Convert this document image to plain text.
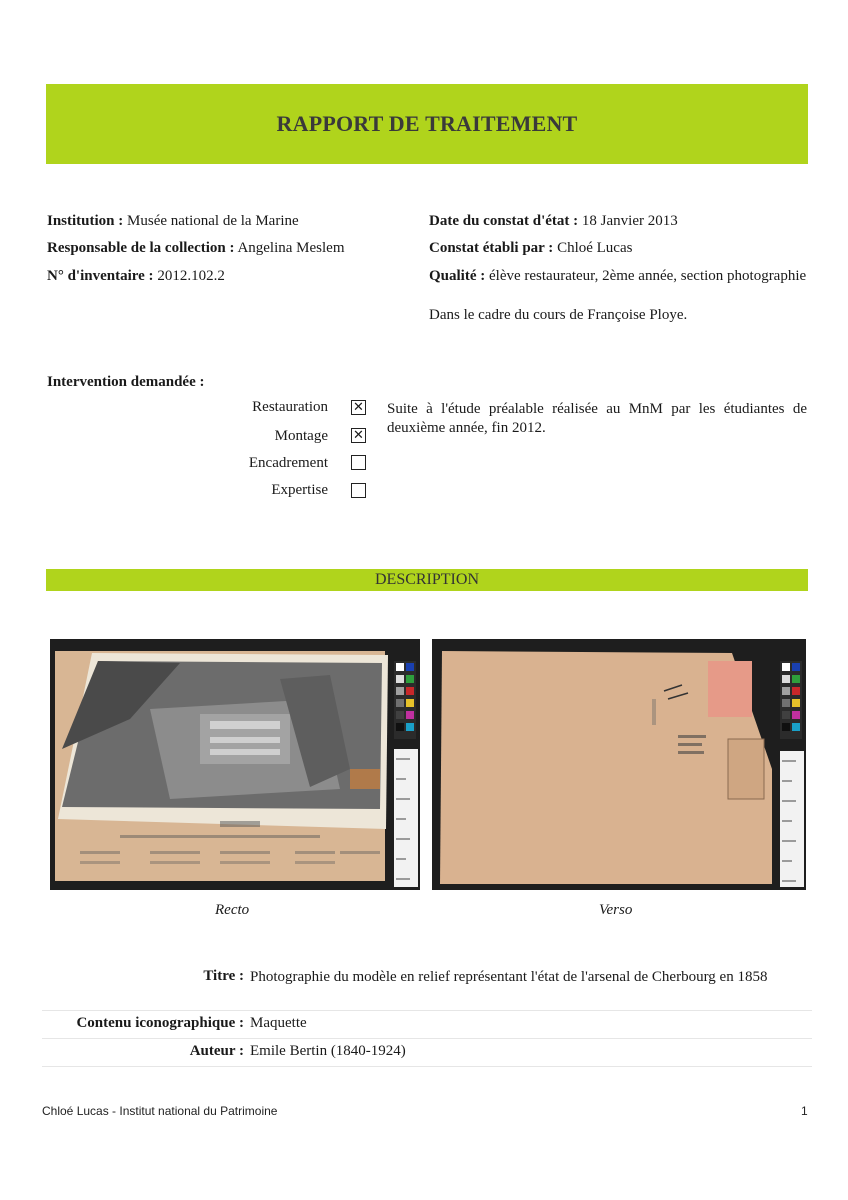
RAPPORT DE TRAITEMENT
Institution : Musée national de la Marine
Responsable de la collection : Angelina Meslem
N° d'inventaire : 2012.102.2
Date du constat d'état : 18 Janvier 2013
Constat établi par : Chloé Lucas
Qualité : élève restaurateur, 2ème année, section photographie
Dans le cadre du cours de Françoise Ploye.
Intervention demandée :
Restauration ✕
Montage ✕
Encadrement
Expertise
Suite à l'étude préalable réalisée au MnM par les étudiantes de deuxième année, fin 2012.
DESCRIPTION
Recto	Verso
Titre : Photographie du modèle en relief représentant l'état de l'arsenal de Cherbourg en 1858
Contenu iconographique : Maquette
Auteur : Emile Bertin (1840-1924)
Chloé Lucas - Institut national du Patrimoine	1
